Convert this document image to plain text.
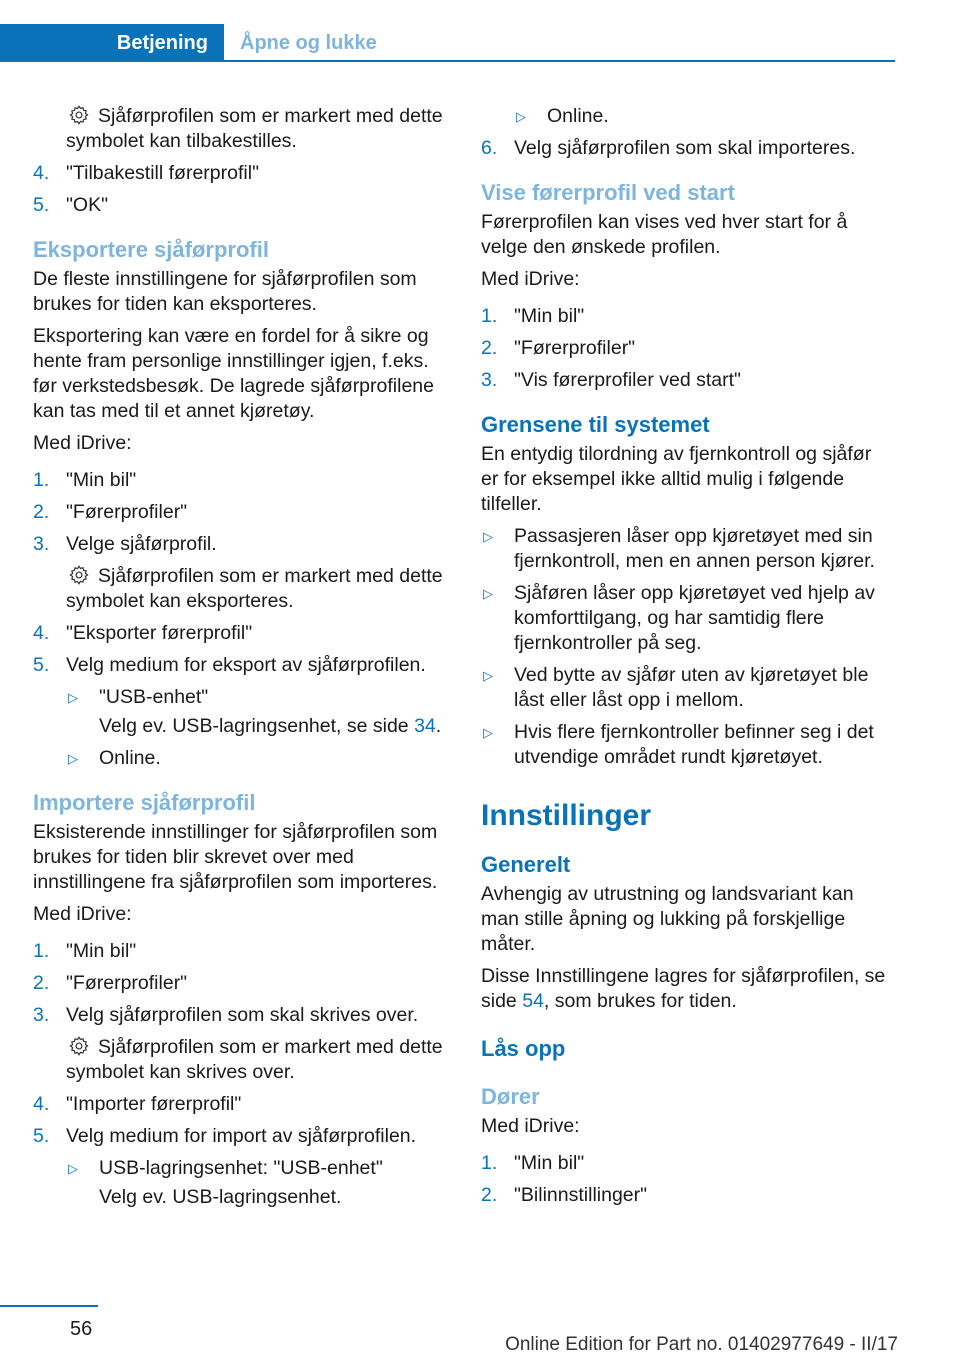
Betjening	Åpne og lukke
Sjåførprofilen som er markert med dette symbolet kan tilbakestilles.
4. "Tilbakestill førerprofil"
5. "OK"
Eksportere sjåførprofil
De fleste innstillingene for sjåførprofilen som brukes for tiden kan eksporteres.
Eksportering kan være en fordel for å sikre og hente fram personlige innstillinger igjen, f.eks. før verkstedsbesøk. De lagrede sjåførprofilene kan tas med til et annet kjøretøy.
Med iDrive:
1. "Min bil"
2. "Førerprofiler"
3. Velge sjåførprofil.
Sjåførprofilen som er markert med dette symbolet kan eksporteres.
4. "Eksporter førerprofil"
5. Velg medium for eksport av sjåførprofilen.
▷	"USB-enhet"
Velg ev. USB-lagringsenhet, se side 34.
▷	Online.
Importere sjåførprofil
Eksisterende innstillinger for sjåførprofilen som brukes for tiden blir skrevet over med innstillingene fra sjåførprofilen som importeres.
Med iDrive:
1. "Min bil"
2. "Førerprofiler"
3. Velg sjåførprofilen som skal skrives over.
Sjåførprofilen som er markert med dette symbolet kan skrives over.
4. "Importer førerprofil"
5. Velg medium for import av sjåførprofilen.
▷	USB-lagringsenhet: "USB-enhet"
Velg ev. USB-lagringsenhet.
▷	Online.
6. Velg sjåførprofilen som skal importeres.
Vise førerprofil ved start
Førerprofilen kan vises ved hver start for å velge den ønskede profilen.
Med iDrive:
1. "Min bil"
2. "Førerprofiler"
3. "Vis førerprofiler ved start"
Grensene til systemet
En entydig tilordning av fjernkontroll og sjåfør er for eksempel ikke alltid mulig i følgende tilfeller.
▷	Passasjeren låser opp kjøretøyet med sin fjernkontroll, men en annen person kjører.
▷	Sjåføren låser opp kjøretøyet ved hjelp av komforttilgang, og har samtidig flere fjernkontroller på seg.
▷	Ved bytte av sjåfør uten av kjøretøyet ble låst eller låst opp i mellom.
▷	Hvis flere fjernkontroller befinner seg i det utvendige området rundt kjøretøyet.
Innstillinger
Generelt
Avhengig av utrustning og landsvariant kan man stille åpning og lukking på forskjellige måter.
Disse Innstillingene lagres for sjåførprofilen, se side 54, som brukes for tiden.
Lås opp
Dører
Med iDrive:
1. "Min bil"
2. "Bilinnstillinger"
56
Online Edition for Part no. 01402977649 - II/17
